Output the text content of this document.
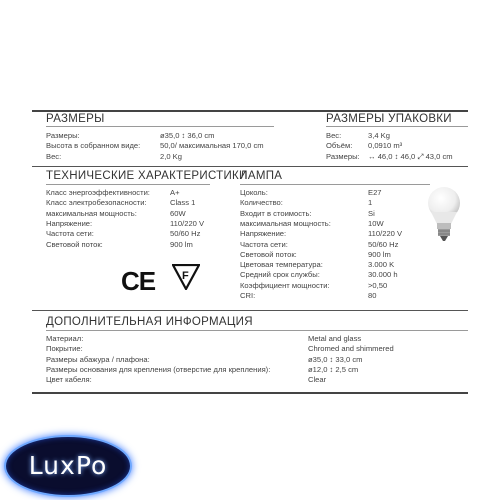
РАЗМЕРЫ
Размеры:	ø35,0 ↕ 36,0 cm
Высота в собранном виде:	50,0/ максимальная 170,0 cm
Вес:	2,0 Kg
РАЗМЕРЫ УПАКОВКИ
Вес:	3,4 Kg
Объём: 0,0910 m³
Размеры: ↔ 46,0 ↕ 46,0 ⤢ 43,0 cm
ТЕХНИЧЕСКИЕ ХАРАКТЕРИСТИКИ
Класс энергоэффективности:	A+
Класс электробезопасности:	Class 1
максимальная мощность:	60W
Напряжение:	110/220 V
Частота сети:	50/60 Hz
Световой поток:	900 lm
CE F
ЛАМПА
Цоколь:	E27
Количество:	1
Входит в стоимость:	Si
максимальная мощность:	10W
Напряжение:	110/220 V
Частота сети:	50/60 Hz
Световой поток:	900 lm
Цветовая температура:	3.000 K
Средний срок службы:	30.000 h
Коэффициент мощности:	>0,50
CRI:	80
ДОПОЛНИТЕЛЬНАЯ ИНФОРМАЦИЯ
Материал:	Metal and glass
Покрытие:	Chromed and shimmered
Размеры абажура / плафона:	ø35,0 ↕ 33,0 cm
Размеры основания для крепления (отверстие для крепления):	ø12,0 ↕ 2,5 cm
Цвет кабеля:	Clear
LuxPo
